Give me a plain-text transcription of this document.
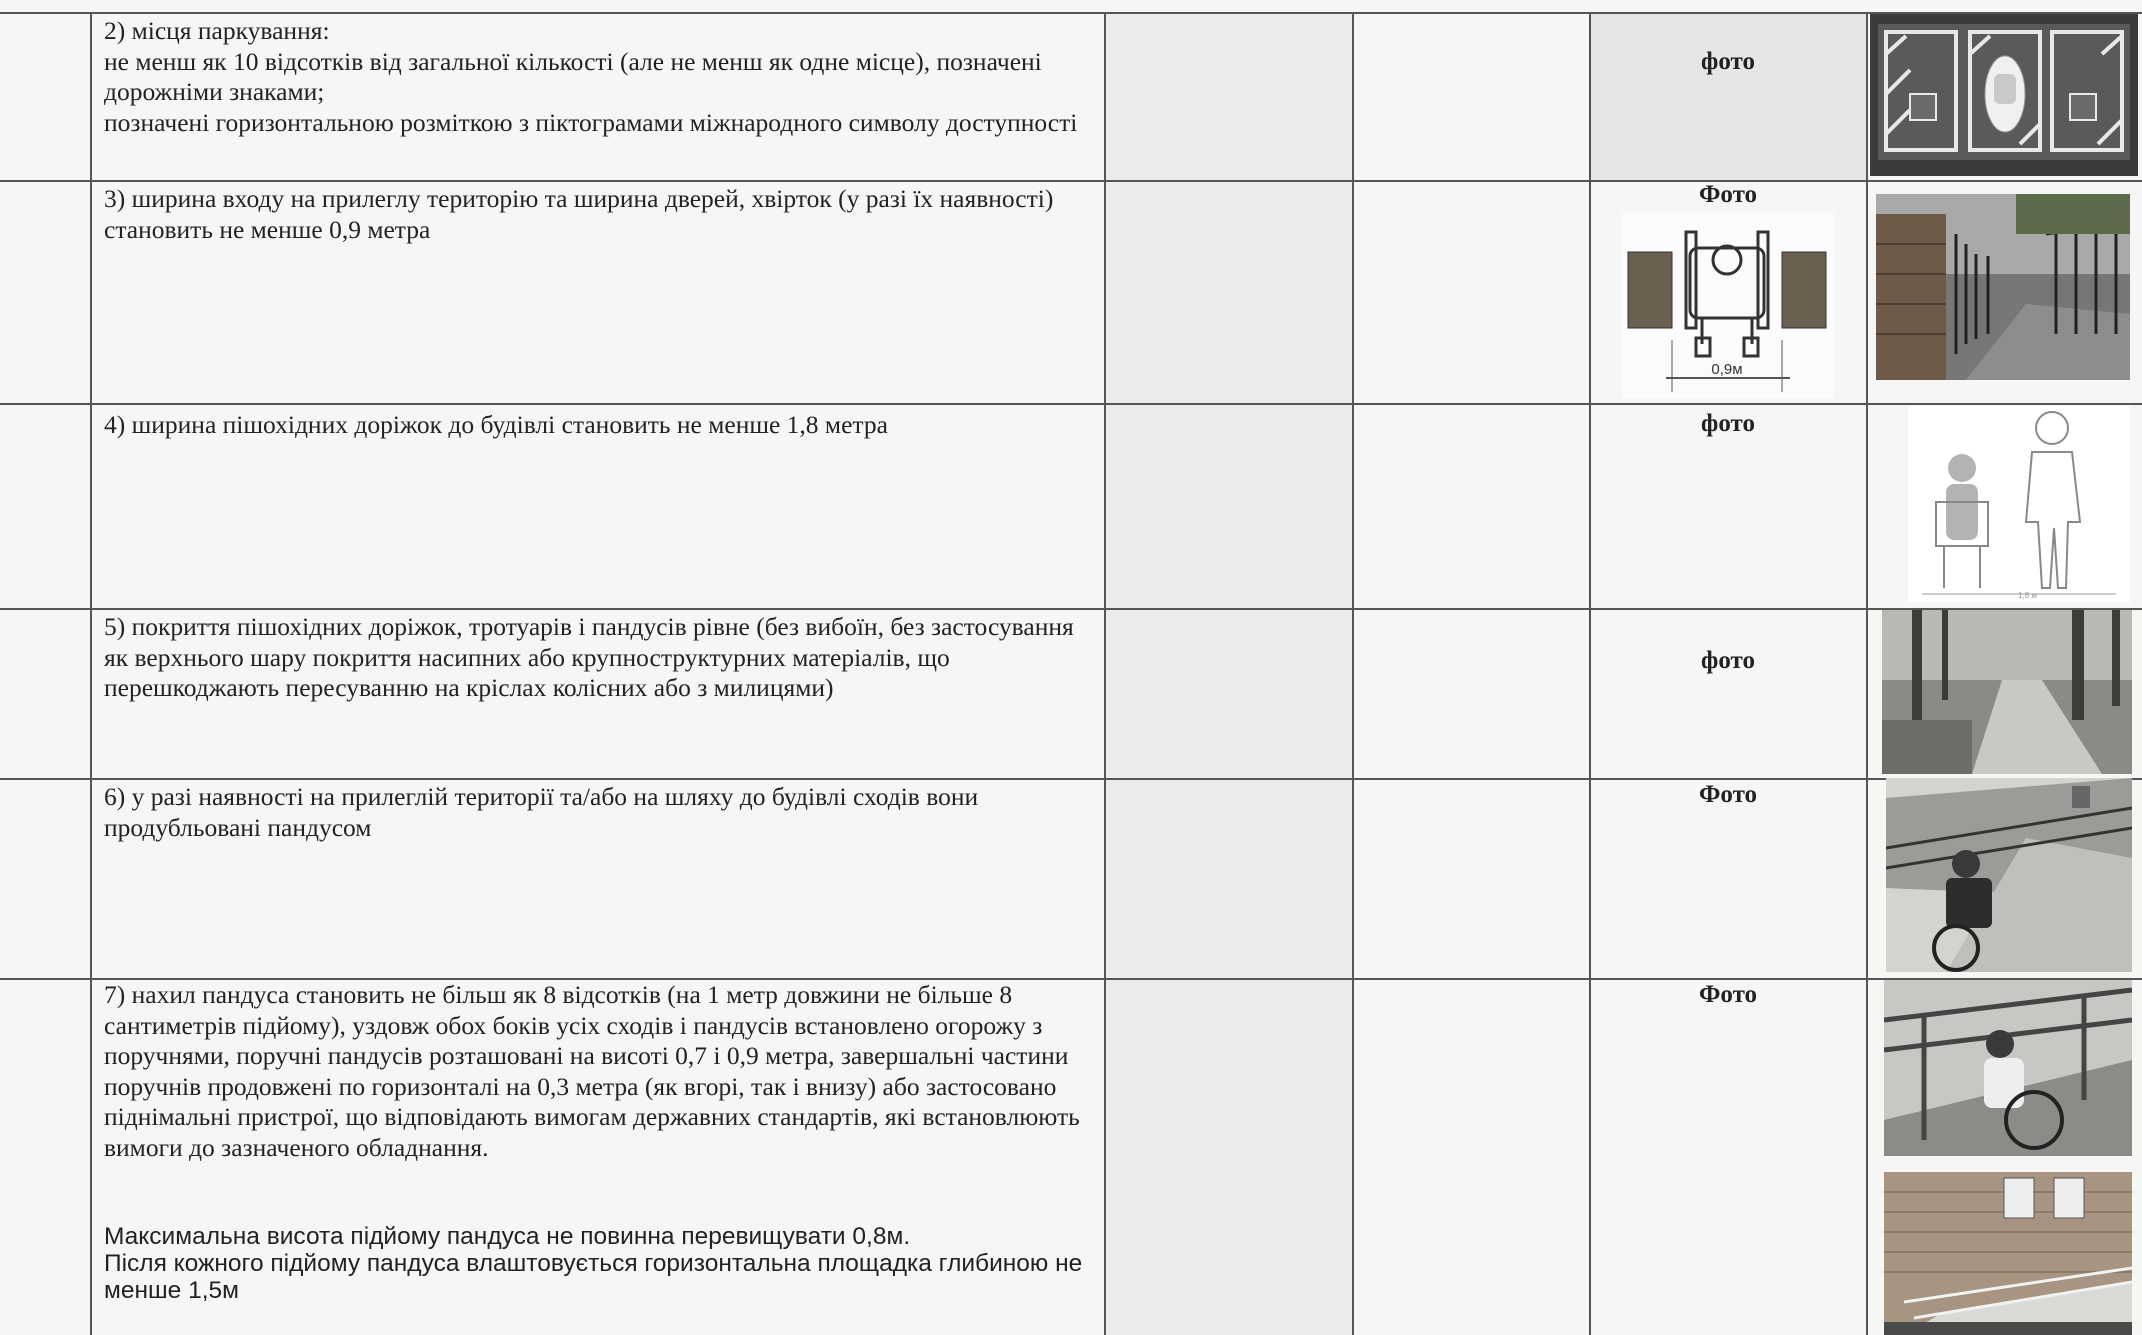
2) місця паркування:
не менш як 10 відсотків від загальної кількості (але не менш як одне місце), позначені дорожніми знаками;
позначені горизонтальною розміткою з піктограмами міжнародного символу доступності
3) ширина входу на прилеглу територію та ширина дверей, хвірток (у разі їх наявності) становить не менше 0,9 метра
4) ширина пішохідних доріжок до будівлі становить не менше 1,8 метра
5) покриття пішохідних доріжок, тротуарів і пандусів рівне (без вибоїн, без застосування як верхнього шару покриття насипних або крупноструктурних матеріалів, що перешкоджають пересуванню на кріслах колісних або з милицями)
6) у разі наявності на прилеглій території та/або на шляху до будівлі сходів вони продубльовані пандусом
7) нахил пандуса становить не більш як 8 відсотків (на 1 метр довжини не більше 8 сантиметрів підйому), уздовж обох боків усіх сходів і пандусів встановлено огорожу з поручнями, поручні пандусів розташовані на висоті 0,7 і 0,9 метра, завершальні частини поручнів продовжені по горизонталі на 0,3 метра (як вгорі, так і внизу) або застосовано піднімальні пристрої, що відповідають вимогам державних стандартів, які встановлюють вимоги до зазначеного обладнання.
Максимальна висота підйому пандуса не повинна перевищувати 0,8м.
Після кожного підйому пандуса влаштовується горизонтальна площадка глибиною не менше 1,5м
фото
Фото
фото
фото
Фото
Фото
0,9м
1,8 м
